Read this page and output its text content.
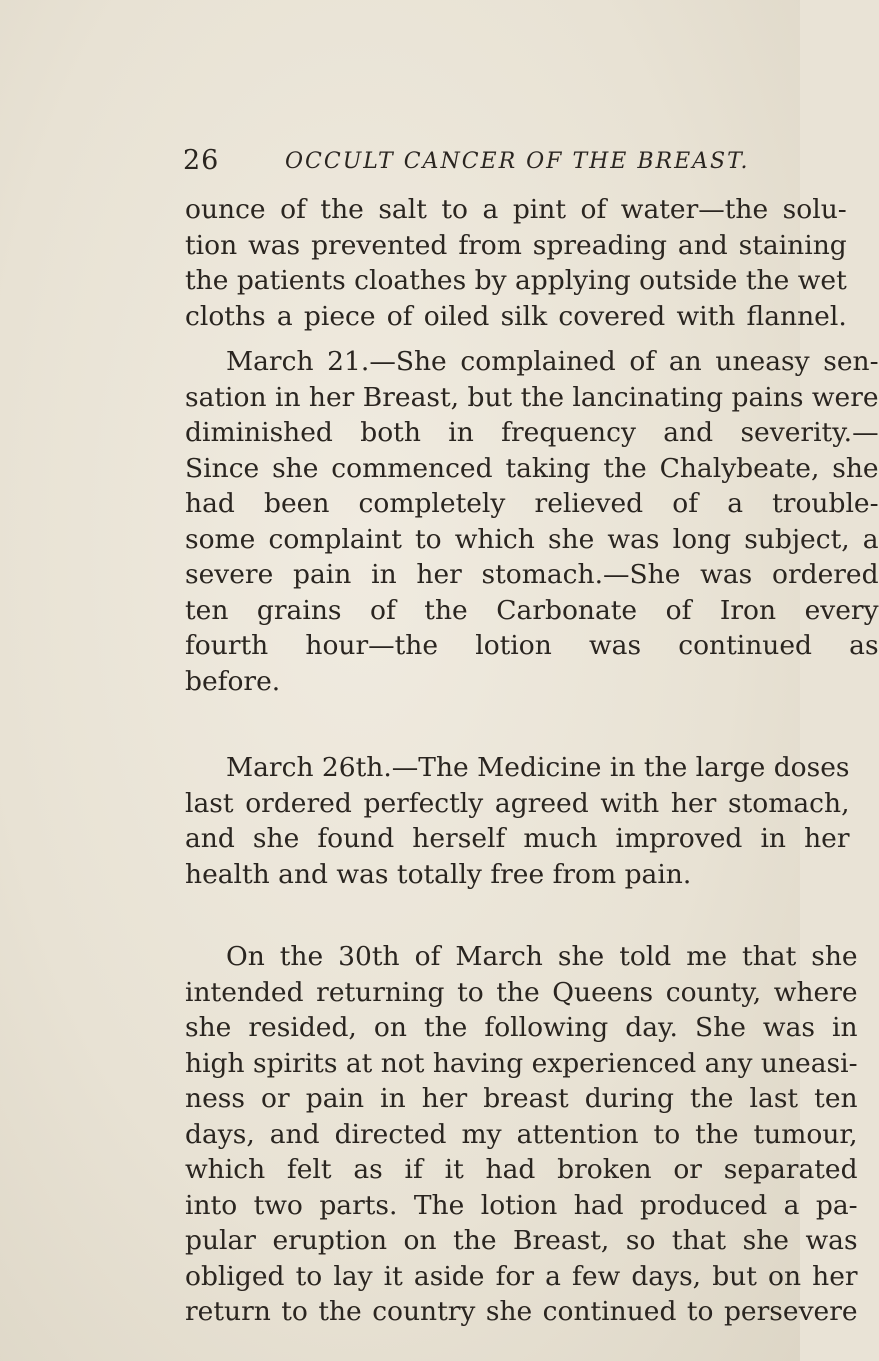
26	OCCULT CANCER OF THE BREAST.
ounce of the salt to a pint of water—the solu-
tion was prevented from spreading and staining
the patients cloathes by applying outside the wet
cloths a piece of oiled silk covered with flannel.
March 21.—She complained of an uneasy sen-
sation in her Breast, but the lancinating pains were
diminished both in frequency and severity.—
Since she commenced taking the Chalybeate, she
had been completely relieved of a trouble-
some complaint to which she was long subject, a
severe pain in her stomach.—She was ordered
ten grains of the Carbonate of Iron every
fourth hour—the lotion was continued as
before.
March 26th.—The Medicine in the large doses
last ordered perfectly agreed with her stomach,
and she found herself much improved in her
health and was totally free from pain.
On the 30th of March she told me that she
intended returning to the Queens county, where
she resided, on the following day. She was in
high spirits at not having experienced any uneasi-
ness or pain in her breast during the last ten
days, and directed my attention to the tumour,
which felt as if it had broken or separated
into two parts. The lotion had produced a pa-
pular eruption on the Breast, so that she was
obliged to lay it aside for a few days, but on her
return to the country she continued to persevere
